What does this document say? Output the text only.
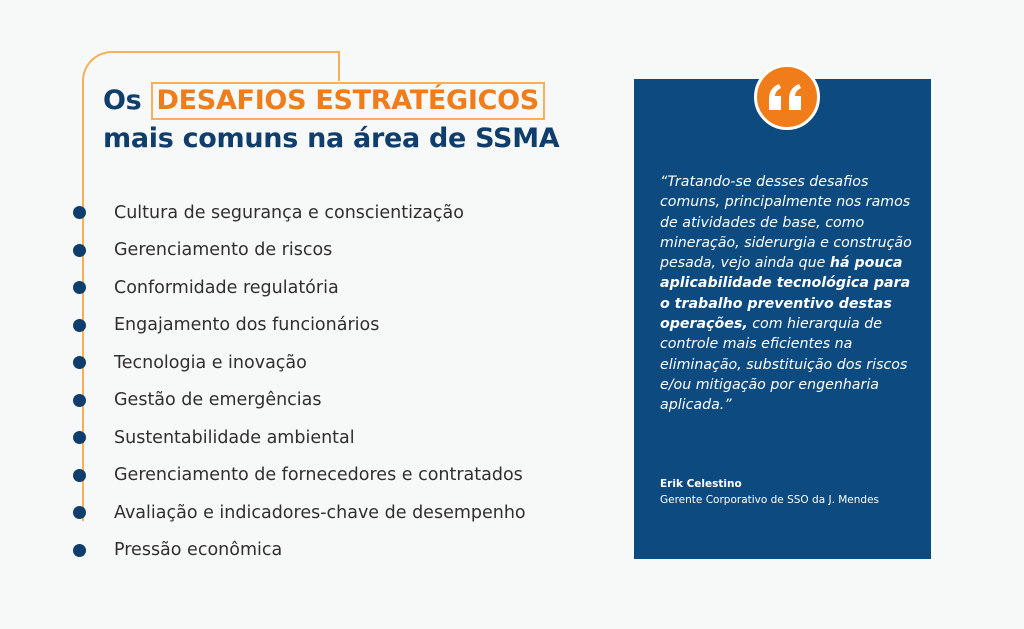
Os DESAFIOS ESTRATÉGICOS
mais comuns na área de SSMA
Cultura de segurança e conscientização
Gerenciamento de riscos
Conformidade regulatória
Engajamento dos funcionários
Tecnologia e inovação
Gestão de emergências
Sustentabilidade ambiental
Gerenciamento de fornecedores e contratados
Avaliação e indicadores-chave de desempenho
Pressão econômica

“Tratando-se desses desafios comuns, principalmente nos ramos de atividades de base, como mineração, siderurgia e construção pesada, vejo ainda que há pouca aplicabilidade tecnológica para o trabalho preventivo destas operações, com hierarquia de controle mais eficientes na eliminação, substituição dos riscos e/ou mitigação por engenharia aplicada.”

Erik Celestino
Gerente Corporativo de SSO da J. Mendes
